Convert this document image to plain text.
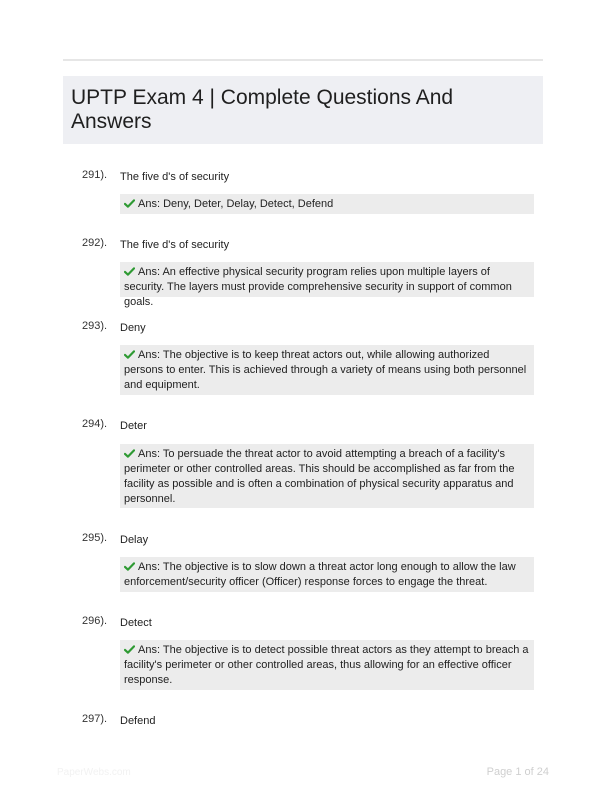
UPTP Exam 4 | Complete Questions And Answers
291). The five d's of security
Ans: Deny, Deter, Delay, Detect, Defend
292). The five d's of security
Ans: An effective physical security program relies upon multiple layers of security. The layers must provide comprehensive security in support of common goals.
293). Deny
Ans: The objective is to keep threat actors out, while allowing authorized persons to enter. This is achieved through a variety of means using both personnel and equipment.
294). Deter
Ans: To persuade the threat actor to avoid attempting a breach of a facility's perimeter or other controlled areas. This should be accomplished as far from the facility as possible and is often a combination of physical security apparatus and personnel.
295). Delay
Ans: The objective is to slow down a threat actor long enough to allow the law enforcement/security officer (Officer) response forces to engage the threat.
296). Detect
Ans: The objective is to detect possible threat actors as they attempt to breach a facility's perimeter or other controlled areas, thus allowing for an effective officer response.
297). Defend
PaperWebs.com	Page 1 of 24
